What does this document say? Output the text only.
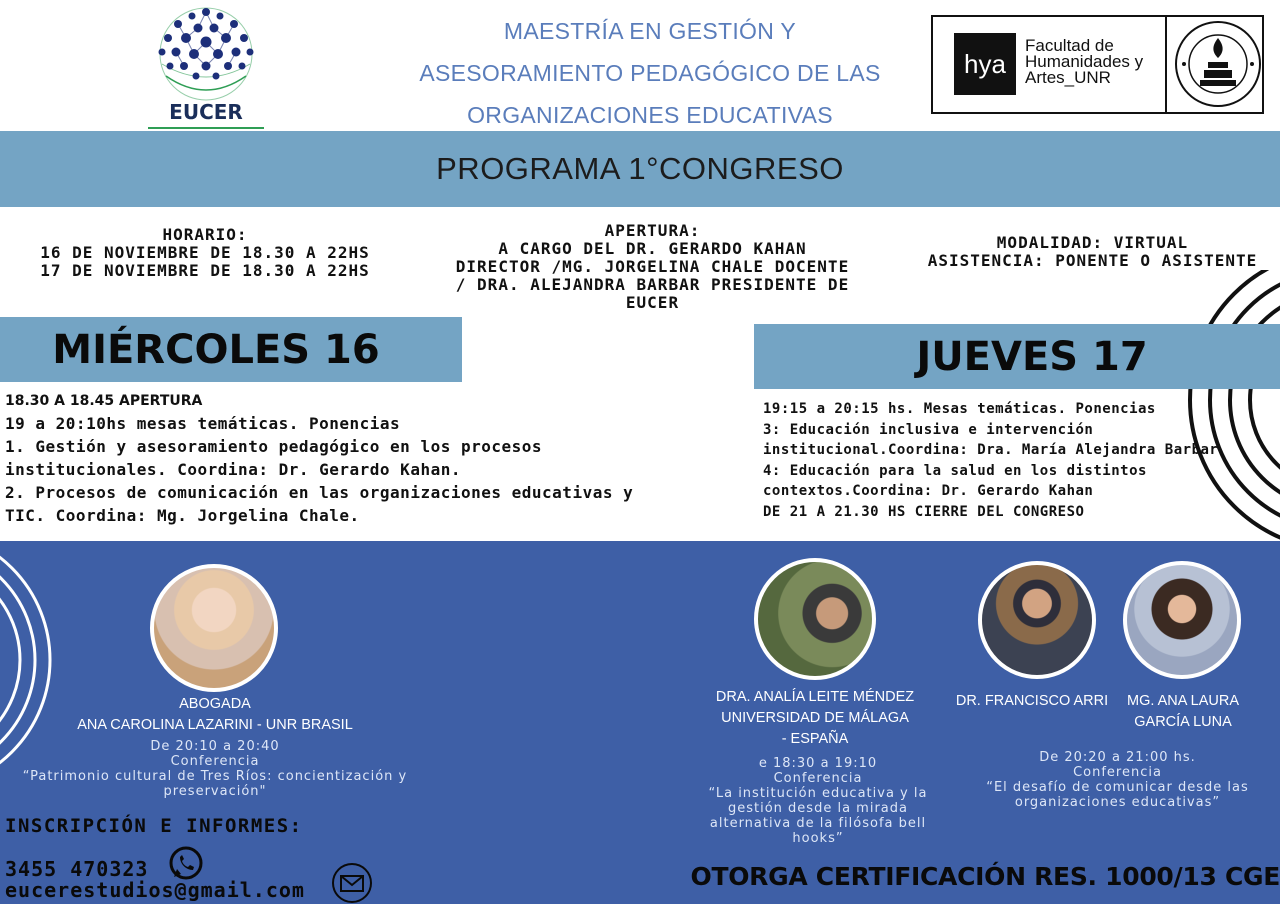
EUCER
MAESTRÍA EN GESTIÓN Y
ASESORAMIENTO PEDAGÓGICO DE LAS
ORGANIZACIONES EDUCATIVAS
hya
Facultad de Humanidades y Artes_UNR
PROGRAMA 1°CONGRESO
HORARIO:
16 DE NOVIEMBRE DE 18.30 A 22HS
17 DE NOVIEMBRE DE 18.30 A 22HS
APERTURA:
A CARGO DEL DR. GERARDO KAHAN
DIRECTOR /MG. JORGELINA CHALE DOCENTE
/ DRA. ALEJANDRA BARBAR PRESIDENTE DE
EUCER
MODALIDAD: VIRTUAL
ASISTENCIA: PONENTE O ASISTENTE
MIÉRCOLES 16	JUEVES 17
18.30 A 18.45 APERTURA
19 a 20:10hs mesas temáticas. Ponencias
1. Gestión y asesoramiento pedagógico en los procesos
institucionales. Coordina: Dr. Gerardo Kahan.
2. Procesos de comunicación en las organizaciones educativas y
TIC. Coordina: Mg. Jorgelina Chale.
19:15 a 20:15 hs. Mesas temáticas. Ponencias
3: Educación inclusiva e intervención
institucional.Coordina: Dra. María Alejandra Barbar
4: Educación para la salud en los distintos
contextos.Coordina: Dr. Gerardo Kahan
DE 21 A 21.30 HS CIERRE DEL CONGRESO
ABOGADA
ANA CAROLINA LAZARINI - UNR BRASIL
De 20:10 a 20:40
Conferencia
“Patrimonio cultural de Tres Ríos: concientización y
preservación"
DRA. ANALÍA LEITE MÉNDEZ
UNIVERSIDAD DE MÁLAGA
- ESPAÑA
e 18:30 a 19:10
Conferencia
“La institución educativa y la
gestión desde la mirada
alternativa de la filósofa bell
hooks”
DR. FRANCISCO ARRI	MG. ANA LAURA
GARCÍA LUNA
De 20:20 a 21:00 hs.
Conferencia
“El desafío de comunicar desde las
organizaciones educativas”
INSCRIPCIÓN E INFORMES:
3455 470323
eucerestudios@gmail.com	OTORGA CERTIFICACIÓN RES. 1000/13 CGE
